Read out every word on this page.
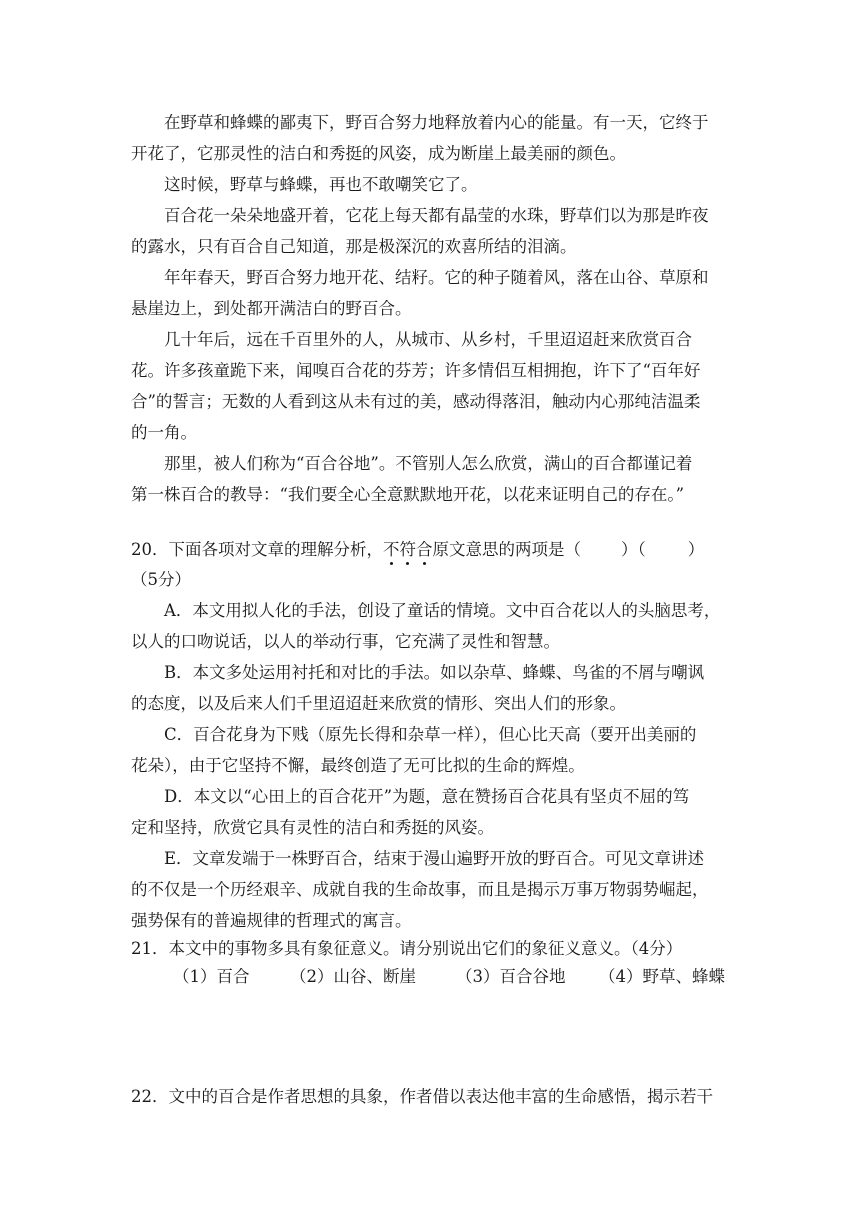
在野草和蜂蝶的鄙夷下，野百合努力地释放着内心的能量。有一天，它终于
开花了，它那灵性的洁白和秀挺的风姿，成为断崖上最美丽的颜色。
这时候，野草与蜂蝶，再也不敢嘲笑它了。
百合花一朵朵地盛开着，它花上每天都有晶莹的水珠，野草们以为那是昨夜
的露水，只有百合自己知道，那是极深沉的欢喜所结的泪滴。
年年春天，野百合努力地开花、结籽。它的种子随着风，落在山谷、草原和
悬崖边上，到处都开满洁白的野百合。
几十年后，远在千百里外的人，从城市、从乡村，千里迢迢赶来欣赏百合
花。许多孩童跪下来，闻嗅百合花的芬芳；许多情侣互相拥抱，许下了“百年好
合”的誓言；无数的人看到这从未有过的美，感动得落泪，触动内心那纯洁温柔
的一角。
那里，被人们称为“百合谷地”。不管别人怎么欣赏，满山的百合都谨记着
第一株百合的教导：“我们要全心全意默默地开花，以花来证明自己的存在。”
20．下面各项对文章的理解分析，不符合原文意思的两项是（ ）（	）
（5分）
A．本文用拟人化的手法，创设了童话的情境。文中百合花以人的头脑思考，
以人的口吻说话，以人的举动行事，它充满了灵性和智慧。
B．本文多处运用衬托和对比的手法。如以杂草、蜂蝶、鸟雀的不屑与嘲讽
的态度，以及后来人们千里迢迢赶来欣赏的情形、突出人们的形象。
C．百合花身为下贱（原先长得和杂草一样），但心比天高（要开出美丽的
花朵），由于它坚持不懈，最终创造了无可比拟的生命的辉煌。
D．本文以“心田上的百合花开”为题，意在赞扬百合花具有坚贞不屈的笃
定和坚持，欣赏它具有灵性的洁白和秀挺的风姿。
E．文章发端于一株野百合，结束于漫山遍野开放的野百合。可见文章讲述
的不仅是一个历经艰辛、成就自我的生命故事，而且是揭示万事万物弱势崛起，
强势保有的普遍规律的哲理式的寓言。
21．本文中的事物多具有象征意义。请分别说出它们的象征义意义。（4分）
（1）百合 （2）山谷、断崖 （3）百合谷地 （4）野草、蜂蝶
22．文中的百合是作者思想的具象，作者借以表达他丰富的生命感悟，揭示若干
